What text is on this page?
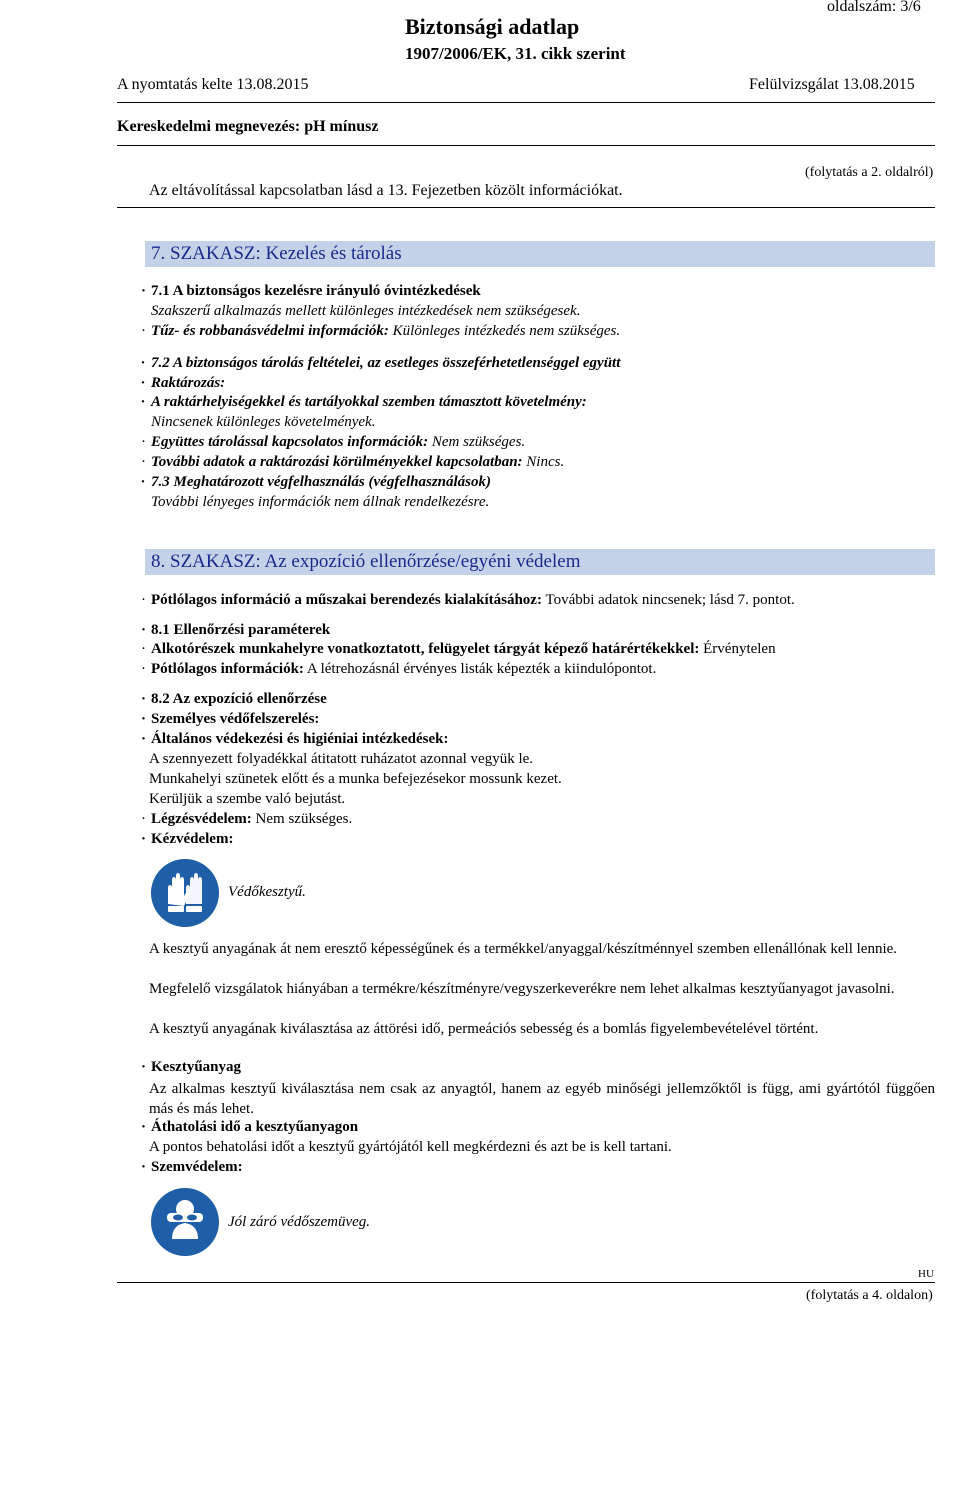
Biztonsági adatlap
oldalszám: 3/6
1907/2006/EK, 31. cikk szerint
A nyomtatás kelte 13.08.2015	Felülvizsgálat 13.08.2015
Kereskedelmi megnevezés: pH mínusz
(folytatás a 2. oldalról)
Az eltávolítással kapcsolatban lásd a 13. Fejezetben közölt információkat.
7. SZAKASZ: Kezelés és tárolás
· 7.1 A biztonságos kezelésre irányuló óvintézkedések
Szakszerű alkalmazás mellett különleges intézkedések nem szükségesek.
· Tűz- és robbanásvédelmi információk: Különleges intézkedés nem szükséges.
· 7.2 A biztonságos tárolás feltételei, az esetleges összeférhetetlenséggel együtt
· Raktározás:
· A raktárhelyiségekkel és tartályokkal szemben támasztott követelmény:
Nincsenek különleges követelmények.
· Együttes tárolással kapcsolatos információk: Nem szükséges.
· További adatok a raktározási körülményekkel kapcsolatban: Nincs.
· 7.3 Meghatározott végfelhasználás (végfelhasználások)
További lényeges információk nem állnak rendelkezésre.
8. SZAKASZ: Az expozíció ellenőrzése/egyéni védelem
· Pótlólagos információ a műszakai berendezés kialakításához: További adatok nincsenek; lásd 7. pontot.
· 8.1 Ellenőrzési paraméterek
· Alkotórészek munkahelyre vonatkoztatott, felügyelet tárgyát képező határértékekkel: Érvénytelen
· Pótlólagos információk: A létrehozásnál érvényes listák képezték a kiindulópontot.
· 8.2 Az expozíció ellenőrzése
· Személyes védőfelszerelés:
· Általános védekezési és higiéniai intézkedések:
A szennyezett folyadékkal átitatott ruházatot azonnal vegyük le.
Munkahelyi szünetek előtt és a munka befejezésekor mossunk kezet.
Kerüljük a szembe való bejutást.
· Légzésvédelem: Nem szükséges.
· Kézvédelem:
Védőkesztyű.
A kesztyű anyagának át nem eresztő képességűnek és a termékkel/anyaggal/készítménnyel szemben ellenállónak kell lennie.
Megfelelő vizsgálatok hiányában a termékre/készítményre/vegyszerkeverékre nem lehet alkalmas kesztyűanyagot javasolni.
A kesztyű anyagának kiválasztása az áttörési idő, permeációs sebesség és a bomlás figyelembevételével történt.
· Kesztyűanyag
Az alkalmas kesztyű kiválasztása nem csak az anyagtól, hanem az egyéb minőségi jellemzőktől is függ, ami gyártótól függően más és más lehet.
· Áthatolási idő a kesztyűanyagon
A pontos behatolási időt a kesztyű gyártójától kell megkérdezni és azt be is kell tartani.
· Szemvédelem:
Jól záró védőszemüveg.
HU
(folytatás a 4. oldalon)
